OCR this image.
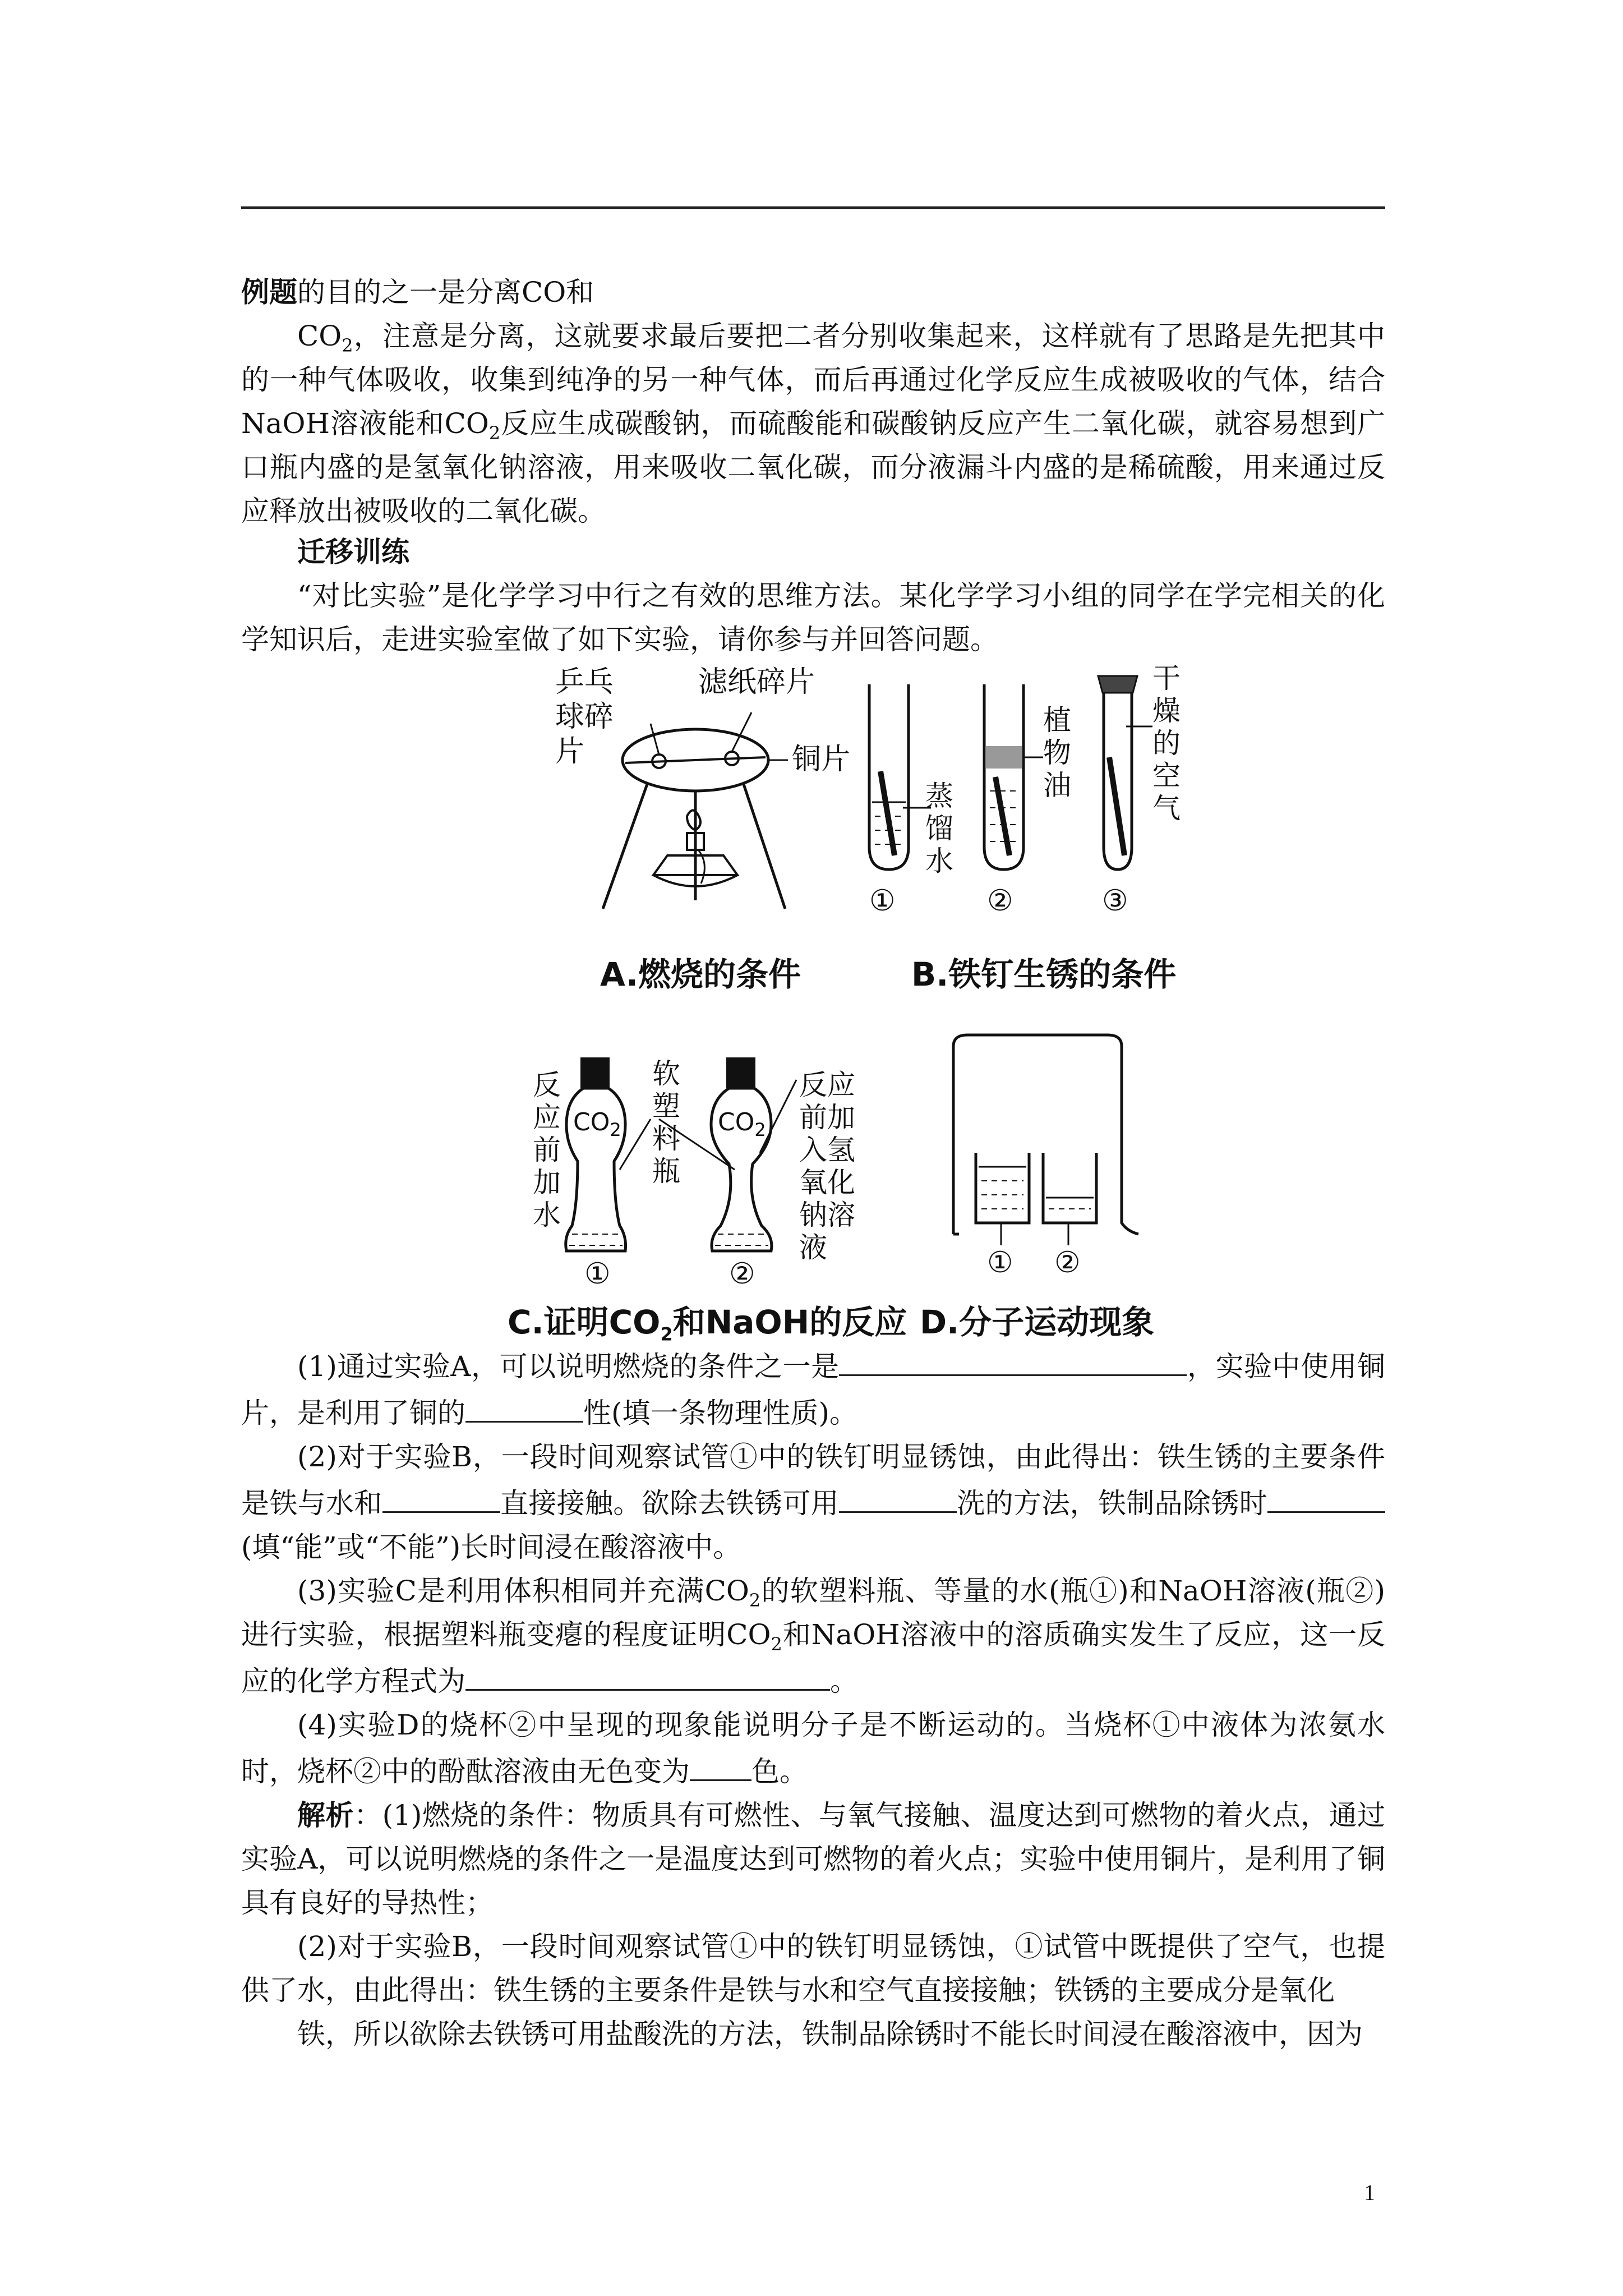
例题的目的之一是分离CO和

$CO_2$，注意是分离，这就要求最后要把二者分别收集起来，这样就有了思路是先把其中的一种气体吸收，收集到纯净的另一种气体，而后再通过化学反应生成被吸收的气体，结合NaOH溶液能和$CO_2$反应生成碳酸钠，而硫酸能和碳酸钠反应产生二氧化碳，就容易想到广口瓶内盛的是氢氧化钠溶液，用来吸收二氧化碳，而分液漏斗内盛的是稀硫酸，用来通过反应释放出被吸收的二氧化碳。

迁移训练

“对比实验”是化学学习中行之有效的思维方法。某化学学习小组的同学在学完相关的化学知识后，走进实验室做了如下实验，请你参与并回答问题。

乒乓球碎片
滤纸碎片
铜片
A.燃烧的条件
蒸馏水
植物油
干燥的空气
①	②	③
B.铁钉生锈的条件
反应前加水
软塑料瓶
反应前加入氢氧化钠溶液
$CO_2$	$CO_2$
①	②
C.证明$CO_2$和NaOH的反应
① ②
D.分子运动现象

(1)通过实验A，可以说明燃烧的条件之一是	，实验中使用铜片，是利用了铜的	性(填一条物理性质)。

(2)对于实验B，一段时间观察试管①中的铁钉明显锈蚀，由此得出：铁生锈的主要条件是铁与水和	直接接触。欲除去铁锈可用	洗的方法，铁制品除锈时(填“能”或“不能”)长时间浸在酸溶液中。

(3)实验C是利用体积相同并充满$CO_2$的软塑料瓶、等量的水(瓶①)和NaOH溶液(瓶②)进行实验，根据塑料瓶变瘪的程度证明$CO_2$和NaOH溶液中的溶质确实发生了反应，这一反应的化学方程式为	。

(4)实验D的烧杯②中呈现的现象能说明分子是不断运动的。当烧杯①中液体为浓氨水时，烧杯②中的酚酞溶液由无色变为 色。

解析：(1)燃烧的条件：物质具有可燃性、与氧气接触、温度达到可燃物的着火点，通过实验A，可以说明燃烧的条件之一是温度达到可燃物的着火点；实验中使用铜片，是利用了铜具有良好的导热性；

(2)对于实验B，一段时间观察试管①中的铁钉明显锈蚀，①试管中既提供了空气，也提供了水，由此得出：铁生锈的主要条件是铁与水和空气直接接触；铁锈的主要成分是氧化

铁，所以欲除去铁锈可用盐酸洗的方法，铁制品除锈时不能长时间浸在酸溶液中，因为

1
